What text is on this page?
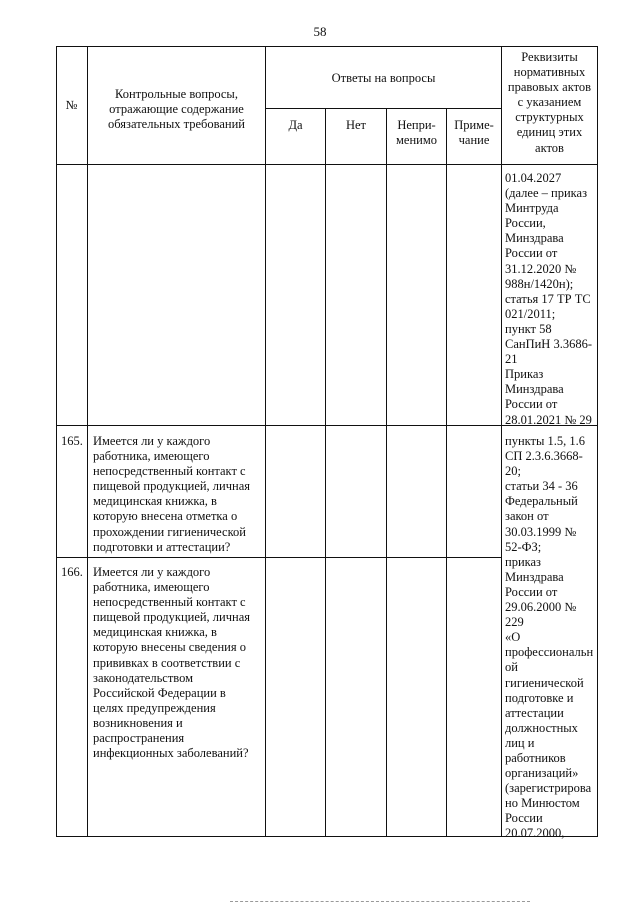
58
№
Контрольные вопросы,
отражающие содержание
обязательных требований
Ответы на вопросы
Да	Нет	Непри-
менимо
Приме-
чание
Реквизиты
нормативных
правовых актов
с указанием
структурных
единиц этих
актов
01.04.2027
(далее – приказ
Минтруда
России,
Минздрава
России от
31.12.2020 №
988н/1420н);
статья 17 ТР ТС
021/2011;
пункт 58
СанПиН 3.3686-
21
Приказ
Минздрава
России от
28.01.2021 № 29
165. Имеется ли у каждого
работника, имеющего
непосредственный контакт с
пищевой продукцией, личная
медицинская книжка, в
которую внесена отметка о
прохождении гигиенической
подготовки и аттестации?
166. Имеется ли у каждого
работника, имеющего
непосредственный контакт с
пищевой продукцией, личная
медицинская книжка, в
которую внесены сведения о
прививках в соответствии с
законодательством
Российской Федерации в
целях предупреждения
возникновения и
распространения
инфекционных заболеваний?
пункты 1.5, 1.6
СП 2.3.6.3668-
20;
статьи 34 - 36
Федеральный
закон от
30.03.1999 №
52-ФЗ;
приказ
Минздрава
России от
29.06.2000 №
229
«О
профессиональн
ой
гигиенической
подготовке и
аттестации
должностных
лиц и
работников
организаций»
(зарегистрирова
но Минюстом
России
20.07.2000,
